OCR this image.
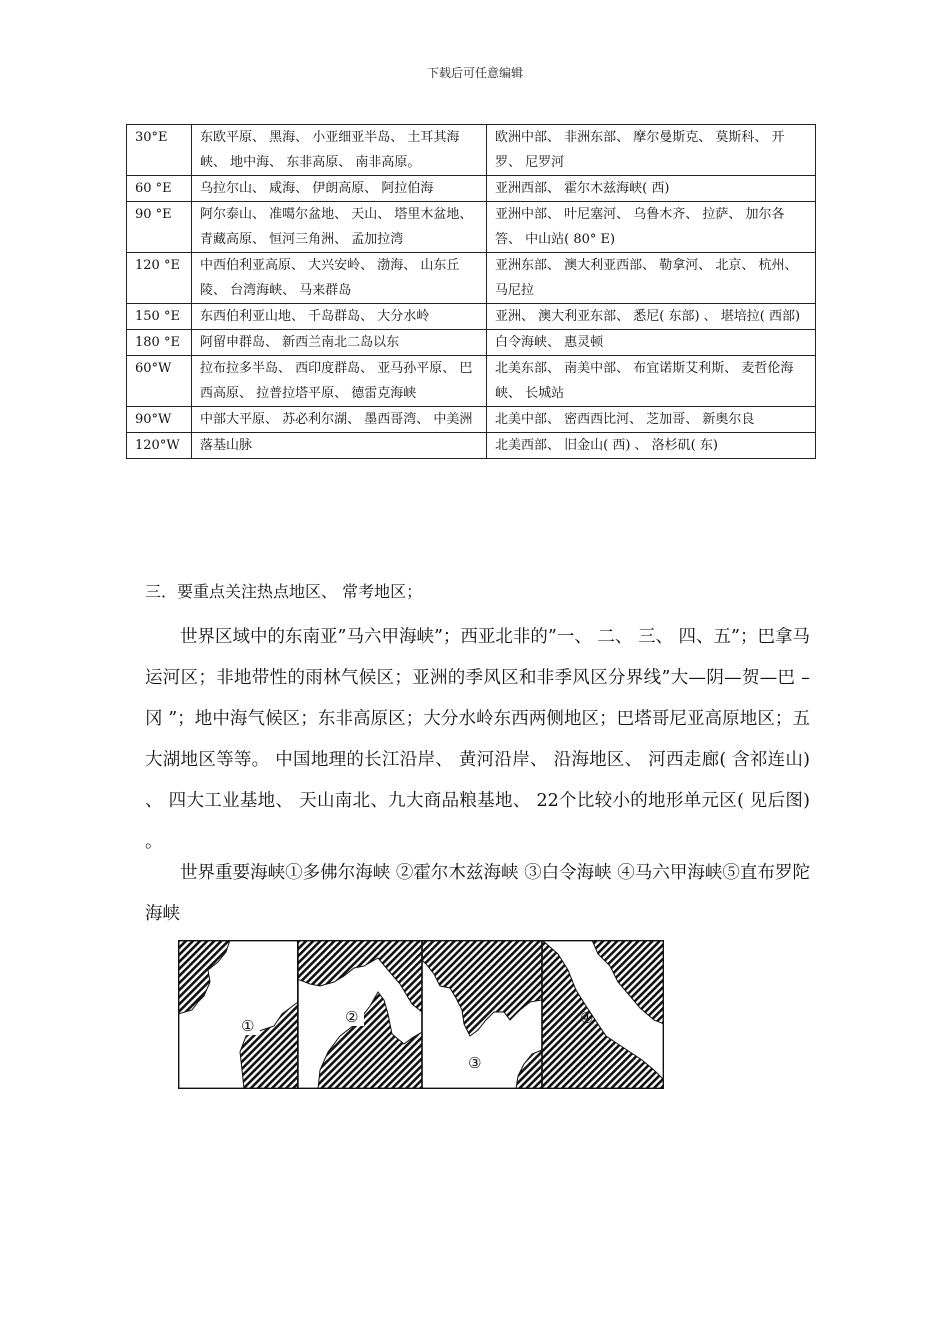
下载后可任意编辑
30°E	东欧平原、 黑海、 小亚细亚半岛、 土耳其海峡、 地中海、 东非高原、 南非高原。	欧洲中部、 非洲东部、 摩尔曼斯克、 莫斯科、 开罗、 尼罗河
60 °E	乌拉尔山、 咸海、 伊朗高原、 阿拉伯海	亚洲西部、 霍尔木兹海峡( 西)
90 °E	阿尔泰山、 准噶尔盆地、 天山、 塔里木盆地、 青藏高原、 恒河三角洲、 孟加拉湾	亚洲中部、 叶尼塞河、 乌鲁木齐、 拉萨、 加尔各答、 中山站( 80° E)
120 °E	中西伯利亚高原、 大兴安岭、 渤海、 山东丘陵、 台湾海峡、 马来群岛	亚洲东部、 澳大利亚西部、 勒拿河、 北京、 杭州、 马尼拉
150 °E	东西伯利亚山地、 千岛群岛、 大分水岭	亚洲、 澳大利亚东部、 悉尼( 东部) 、 堪培拉( 西部)
180 °E	阿留申群岛、 新西兰南北二岛以东	白令海峡、 惠灵顿
60°W	拉布拉多半岛、 西印度群岛、 亚马孙平原、 巴西高原、 拉普拉塔平原、 德雷克海峡	北美东部、 南美中部、 布宜诺斯艾利斯、 麦哲伦海峡、 长城站
90°W	中部大平原、 苏必利尔湖、 墨西哥湾、 中美洲	北美中部、 密西西比河、 芝加哥、 新奥尔良
120°W	落基山脉	北美西部、 旧金山( 西) 、 洛杉矶( 东)
三．要重点关注热点地区、 常考地区；
世界区域中的东南亚”马六甲海峡”；西亚北非的”一、 二、 三、 四、五”；巴拿马运河区；非地带性的雨林气候区；亚洲的季风区和非季风区分界线”大—阴—贺—巴 –冈 ”；地中海气候区；东非高原区；大分水岭东西两侧地区；巴塔哥尼亚高原地区；五大湖地区等等。 中国地理的长江沿岸、 黄河沿岸、 沿海地区、 河西走廊( 含祁连山) 、 四大工业基地、 天山南北、九大商品粮基地、 22个比较小的地形单元区( 见后图) 。
世界重要海峡①多佛尔海峡 ②霍尔木兹海峡 ③白令海峡 ④马六甲海峡⑤直布罗陀海峡
①	②
③
④
